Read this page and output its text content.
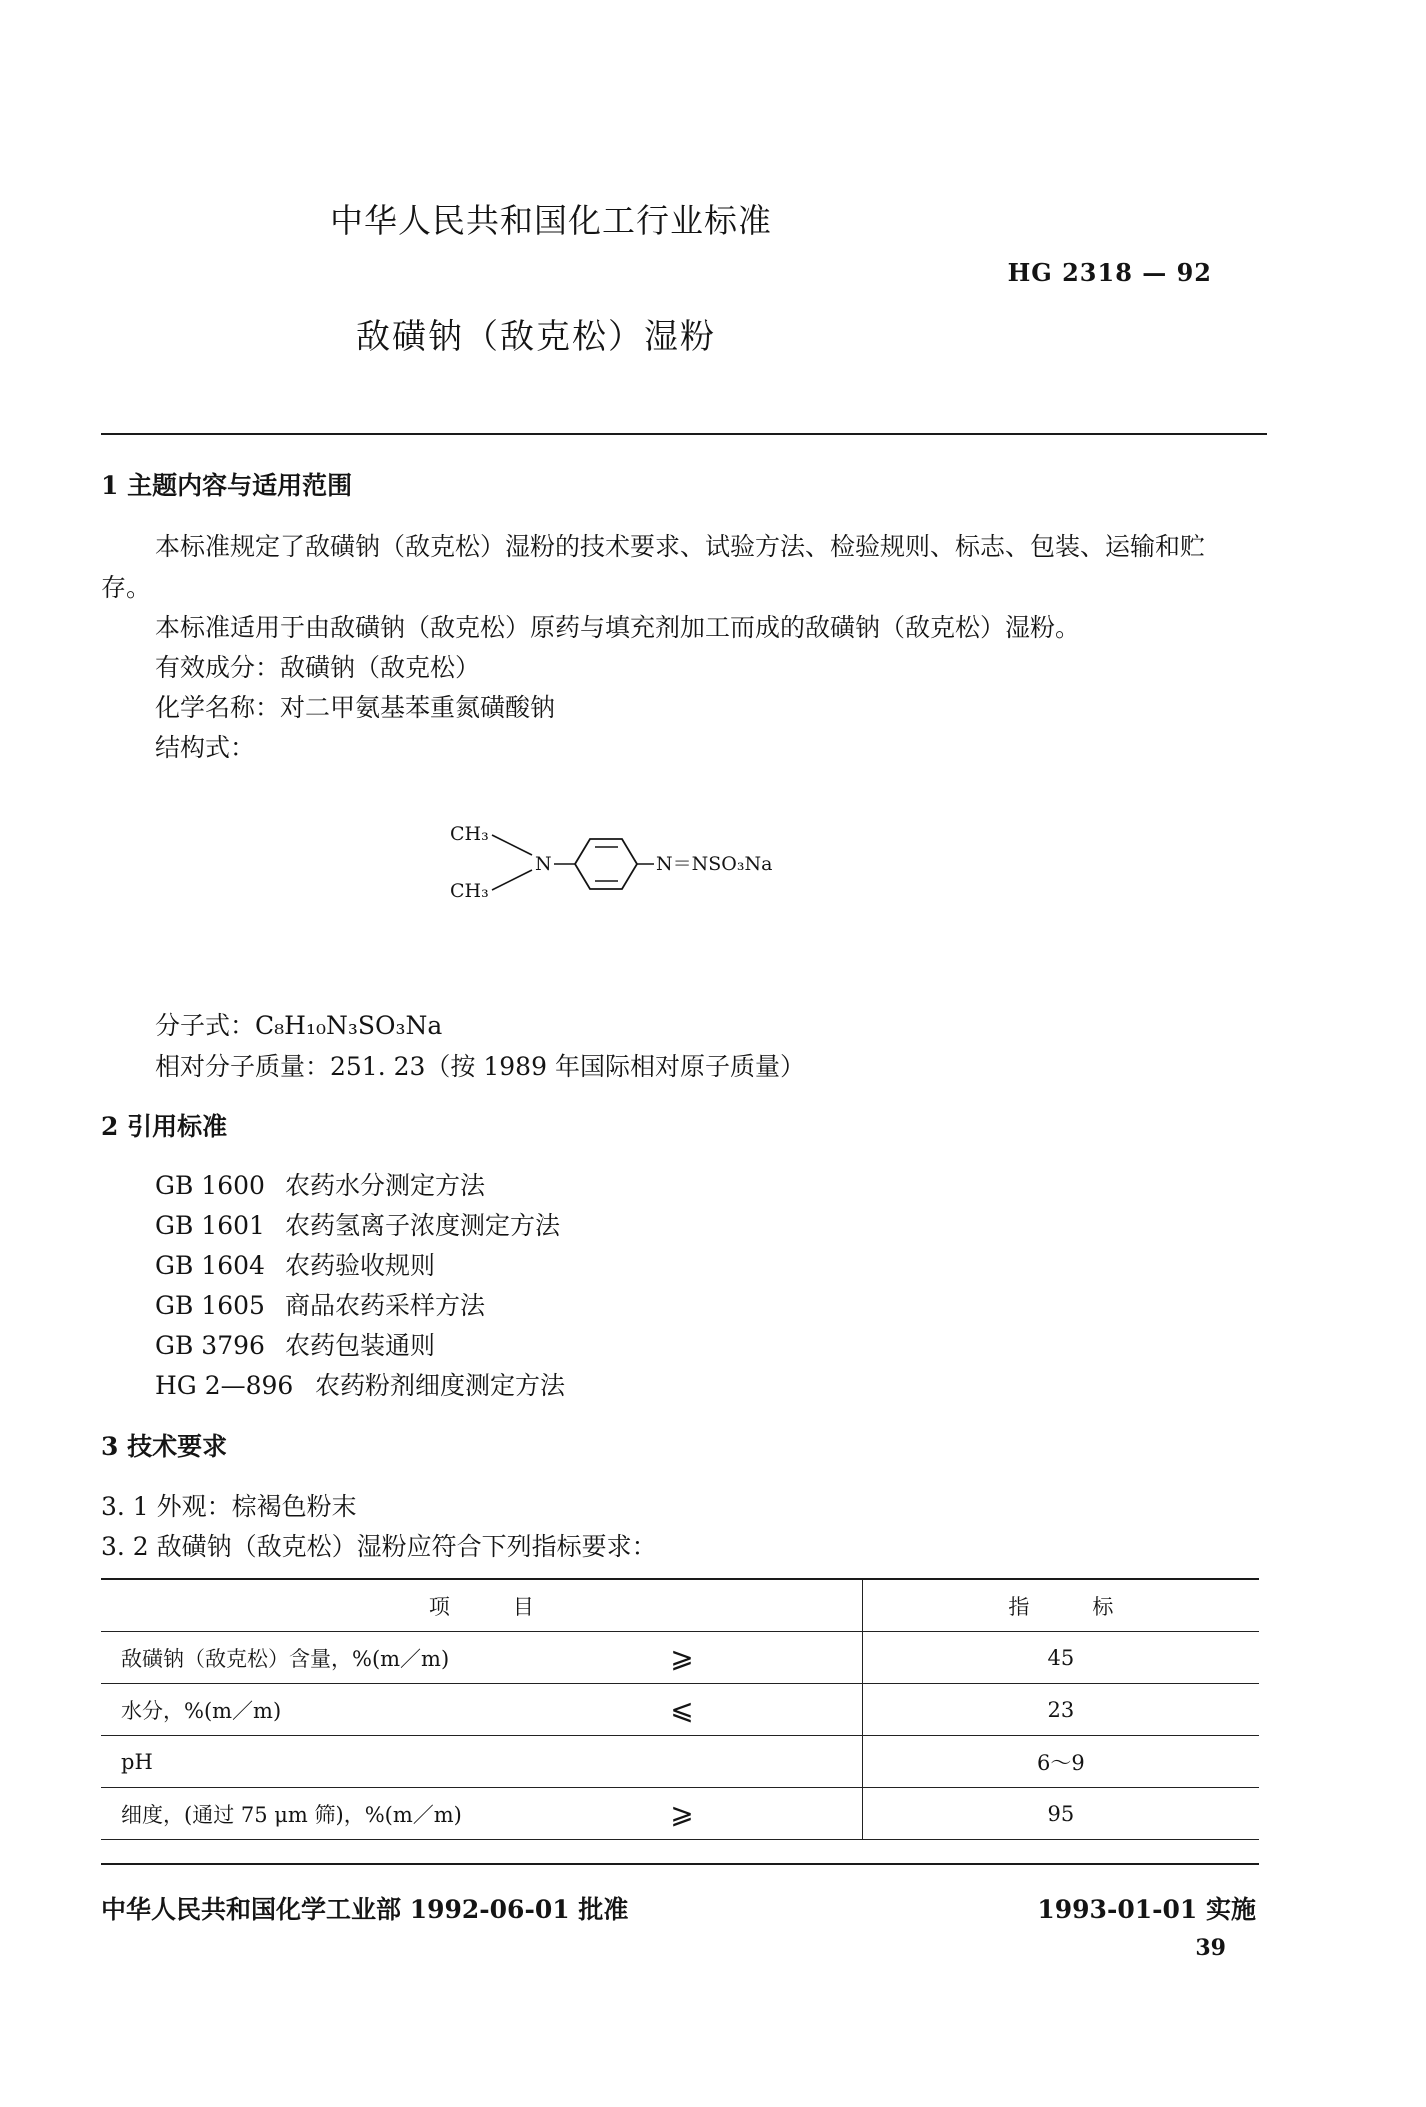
中华人民共和国化工行业标准
HG 2318 — 92
敌磺钠（敌克松）湿粉
1 主题内容与适用范围
本标准规定了敌磺钠（敌克松）湿粉的技术要求、试验方法、检验规则、标志、包装、运输和贮
存。
本标准适用于由敌磺钠（敌克松）原药与填充剂加工而成的敌磺钠（敌克松）湿粉。
有效成分：敌磺钠（敌克松）
化学名称：对二甲氨基苯重氮磺酸钠
结构式：
CH₃
CH₃
N	N＝NSO₃Na
分子式：C₈H₁₀N₃SO₃Na
相对分子质量：251. 23（按 1989 年国际相对原子质量）
2 引用标准
GB 1600 农药水分测定方法
GB 1601 农药氢离子浓度测定方法
GB 1604 农药验收规则
GB 1605 商品农药采样方法
GB 3796 农药包装通则
HG 2—896 农药粉剂细度测定方法
3 技术要求
3. 1 外观：棕褐色粉末
3. 2 敌磺钠（敌克松）湿粉应符合下列指标要求：
项　　　目		指　　　标
敌磺钠（敌克松）含量，%(m／m)	⩾	45
水分，%(m／m)	⩽	23
pH		6～9
细度，(通过 75 μm 筛)，%(m／m)	⩾	95
中华人民共和国化学工业部 1992-06-01 批准	1993-01-01 实施
39
